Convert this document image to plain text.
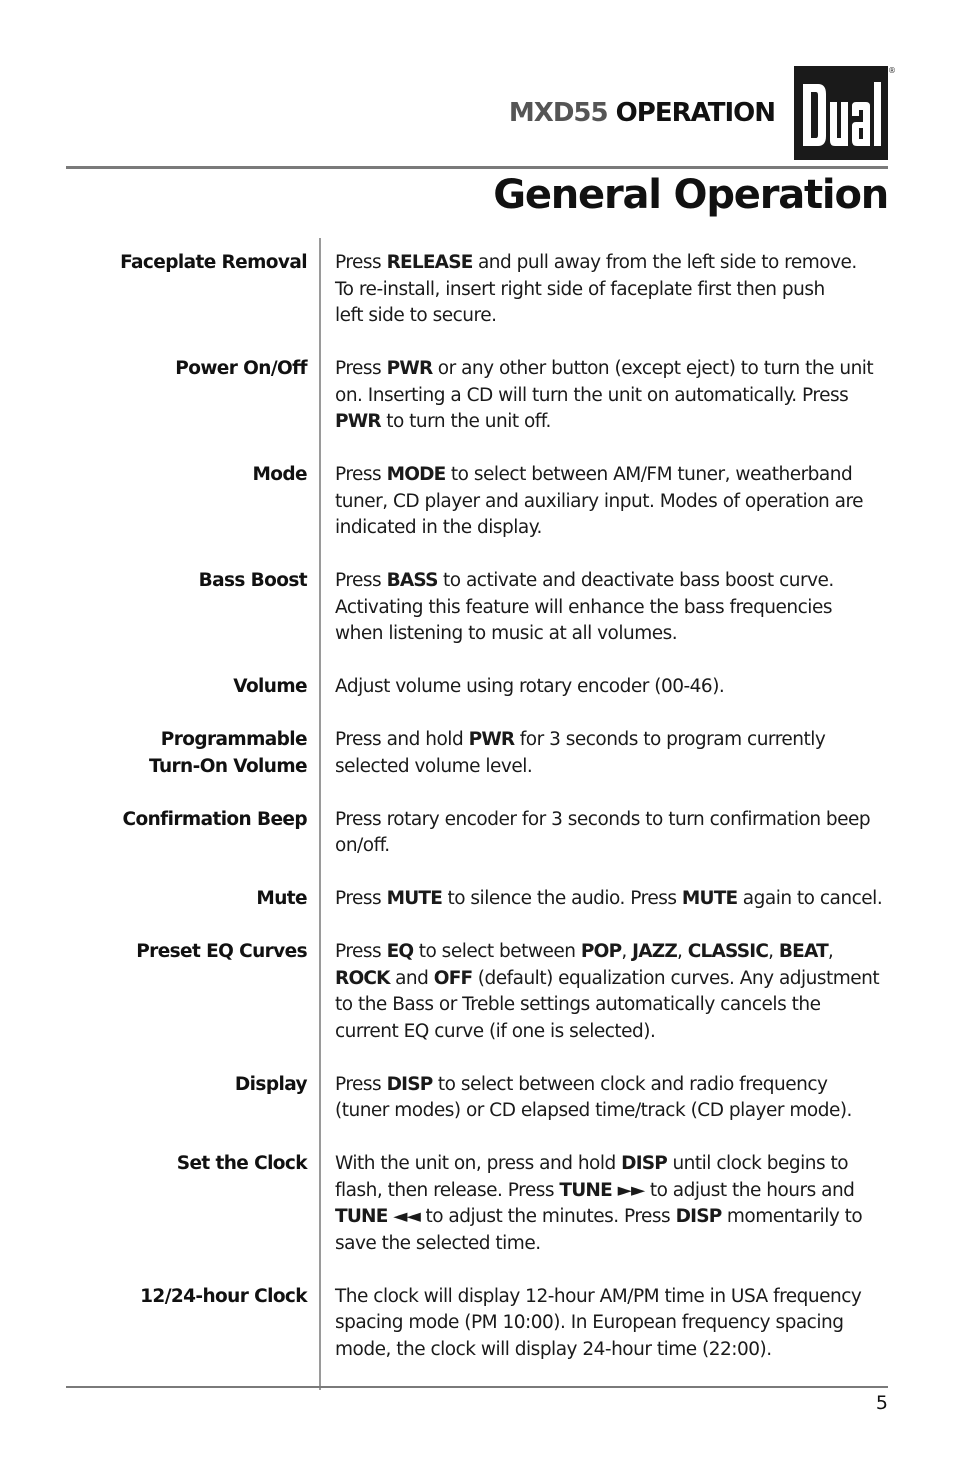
MXD55 OPERATION
®
General Operation
Faceplate Removal Press RELEASE and pull away from the left side to remove.
To re-install, insert right side of faceplate first then push
left side to secure.
Power On/Off Press PWR or any other button (except eject) to turn the unit
on. Inserting a CD will turn the unit on automatically. Press
PWR to turn the unit off.
Mode Press MODE to select between AM/FM tuner, weatherband
tuner, CD player and auxiliary input. Modes of operation are
indicated in the display.
Bass Boost Press BASS to activate and deactivate bass boost curve.
Activating this feature will enhance the bass frequencies
when listening to music at all volumes.
Volume Adjust volume using rotary encoder (00-46).
Programmable
Turn-On Volume
Press and hold PWR for 3 seconds to program currently
selected volume level.
Confirmation Beep Press rotary encoder for 3 seconds to turn confirmation beep
on/off.
Mute Press MUTE to silence the audio. Press MUTE again to cancel.
Preset EQ Curves Press EQ to select between POP, JAZZ, CLASSIC, BEAT,
ROCK and OFF (default) equalization curves. Any adjustment
to the Bass or Treble settings automatically cancels the
current EQ curve (if one is selected).
Display Press DISP to select between clock and radio frequency
(tuner modes) or CD elapsed time/track (CD player mode).
Set the Clock With the unit on, press and hold DISP until clock begins to
flash, then release. Press TUNE ►► to adjust the hours and
TUNE ◄◄ to adjust the minutes. Press DISP momentarily to
save the selected time.
12/24-hour Clock The clock will display 12-hour AM/PM time in USA frequency
spacing mode (PM 10:00). In European frequency spacing
mode, the clock will display 24-hour time (22:00).
5
